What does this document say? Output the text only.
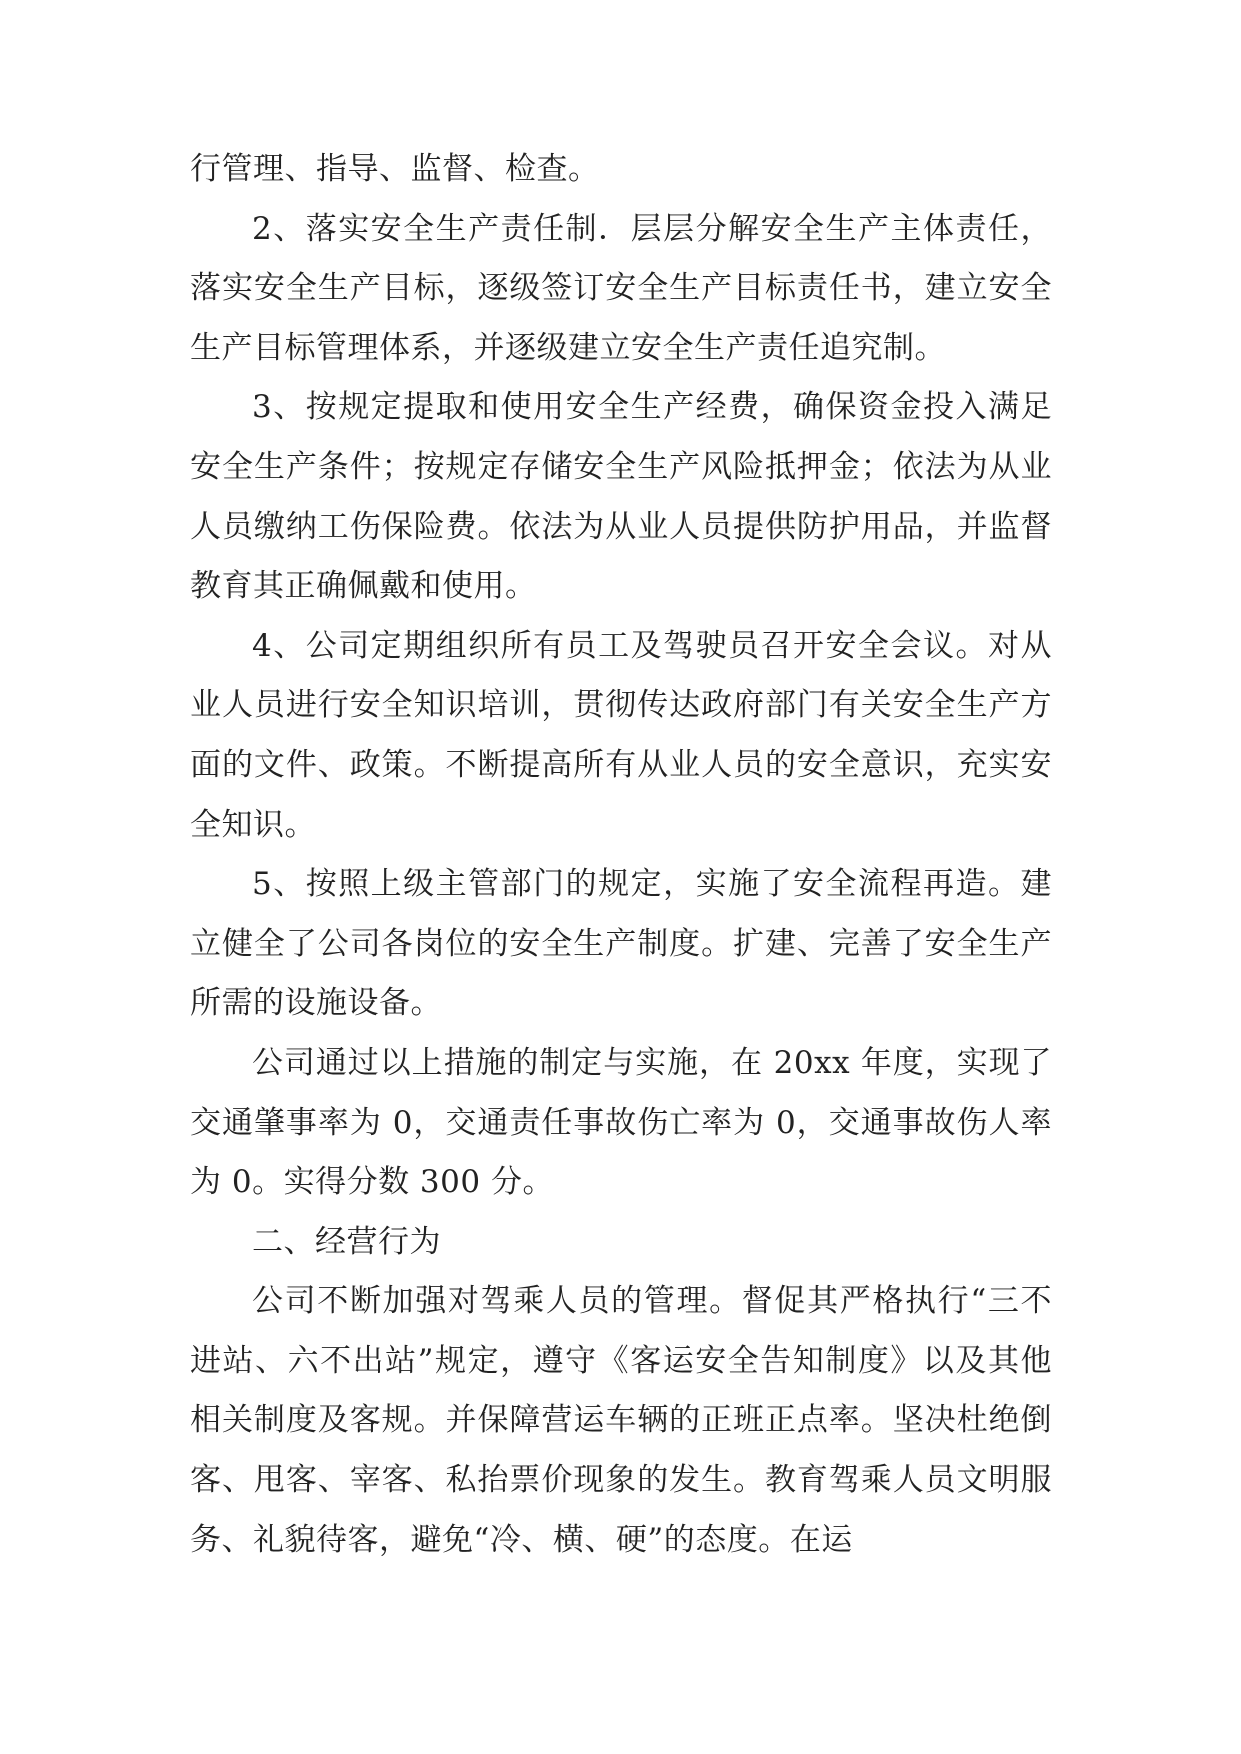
行管理、指导、监督、检查。

2、落实安全生产责任制．层层分解安全生产主体责任，落实安全生产目标，逐级签订安全生产目标责任书，建立安全生产目标管理体系，并逐级建立安全生产责任追究制。

3、按规定提取和使用安全生产经费，确保资金投入满足安全生产条件；按规定存储安全生产风险抵押金；依法为从业人员缴纳工伤保险费。依法为从业人员提供防护用品，并监督教育其正确佩戴和使用。

4、公司定期组织所有员工及驾驶员召开安全会议。对从业人员进行安全知识培训，贯彻传达政府部门有关安全生产方面的文件、政策。不断提高所有从业人员的安全意识，充实安全知识。

5、按照上级主管部门的规定，实施了安全流程再造。建立健全了公司各岗位的安全生产制度。扩建、完善了安全生产所需的设施设备。

公司通过以上措施的制定与实施，在 20xx 年度，实现了交通肇事率为 0，交通责任事故伤亡率为 0，交通事故伤人率为 0。实得分数 300 分。

二、经营行为

公司不断加强对驾乘人员的管理。督促其严格执行“三不进站、六不出站”规定，遵守《客运安全告知制度》以及其他相关制度及客规。并保障营运车辆的正班正点率。坚决杜绝倒客、甩客、宰客、私抬票价现象的发生。教育驾乘人员文明服务、礼貌待客，避免“冷、横、硬”的态度。在运
